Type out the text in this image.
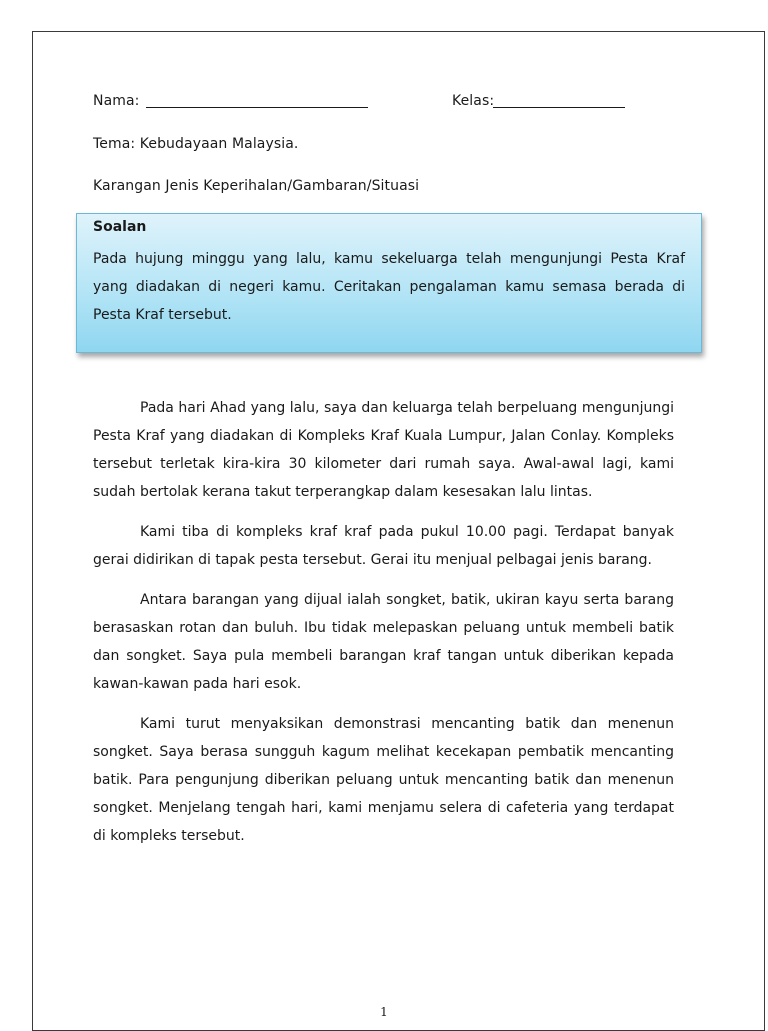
Nama:	Kelas:
Tema: Kebudayaan Malaysia.
Karangan Jenis Keperihalan/Gambaran/Situasi

Soalan

Pada hujung minggu yang lalu, kamu sekeluarga telah mengunjungi Pesta Kraf yang diadakan di negeri kamu. Ceritakan pengalaman kamu semasa berada di Pesta Kraf tersebut.

Pada hari Ahad yang lalu, saya dan keluarga telah berpeluang mengunjungi Pesta Kraf yang diadakan di Kompleks Kraf Kuala Lumpur, Jalan Conlay. Kompleks tersebut terletak kira-kira 30 kilometer dari rumah saya. Awal-awal lagi, kami sudah bertolak kerana takut terperangkap dalam kesesakan lalu lintas.

Kami tiba di kompleks kraf kraf pada pukul 10.00 pagi. Terdapat banyak gerai didirikan di tapak pesta tersebut. Gerai itu menjual pelbagai jenis barang.

Antara barangan yang dijual ialah songket, batik, ukiran kayu serta barang berasaskan rotan dan buluh. Ibu tidak melepaskan peluang untuk membeli batik dan songket. Saya pula membeli barangan kraf tangan untuk diberikan kepada kawan-kawan pada hari esok.

Kami turut menyaksikan demonstrasi mencanting batik dan menenun songket. Saya berasa sungguh kagum melihat kecekapan pembatik mencanting batik. Para pengunjung diberikan peluang untuk mencanting batik dan menenun songket. Menjelang tengah hari, kami menjamu selera di cafeteria yang terdapat di kompleks tersebut.

1
